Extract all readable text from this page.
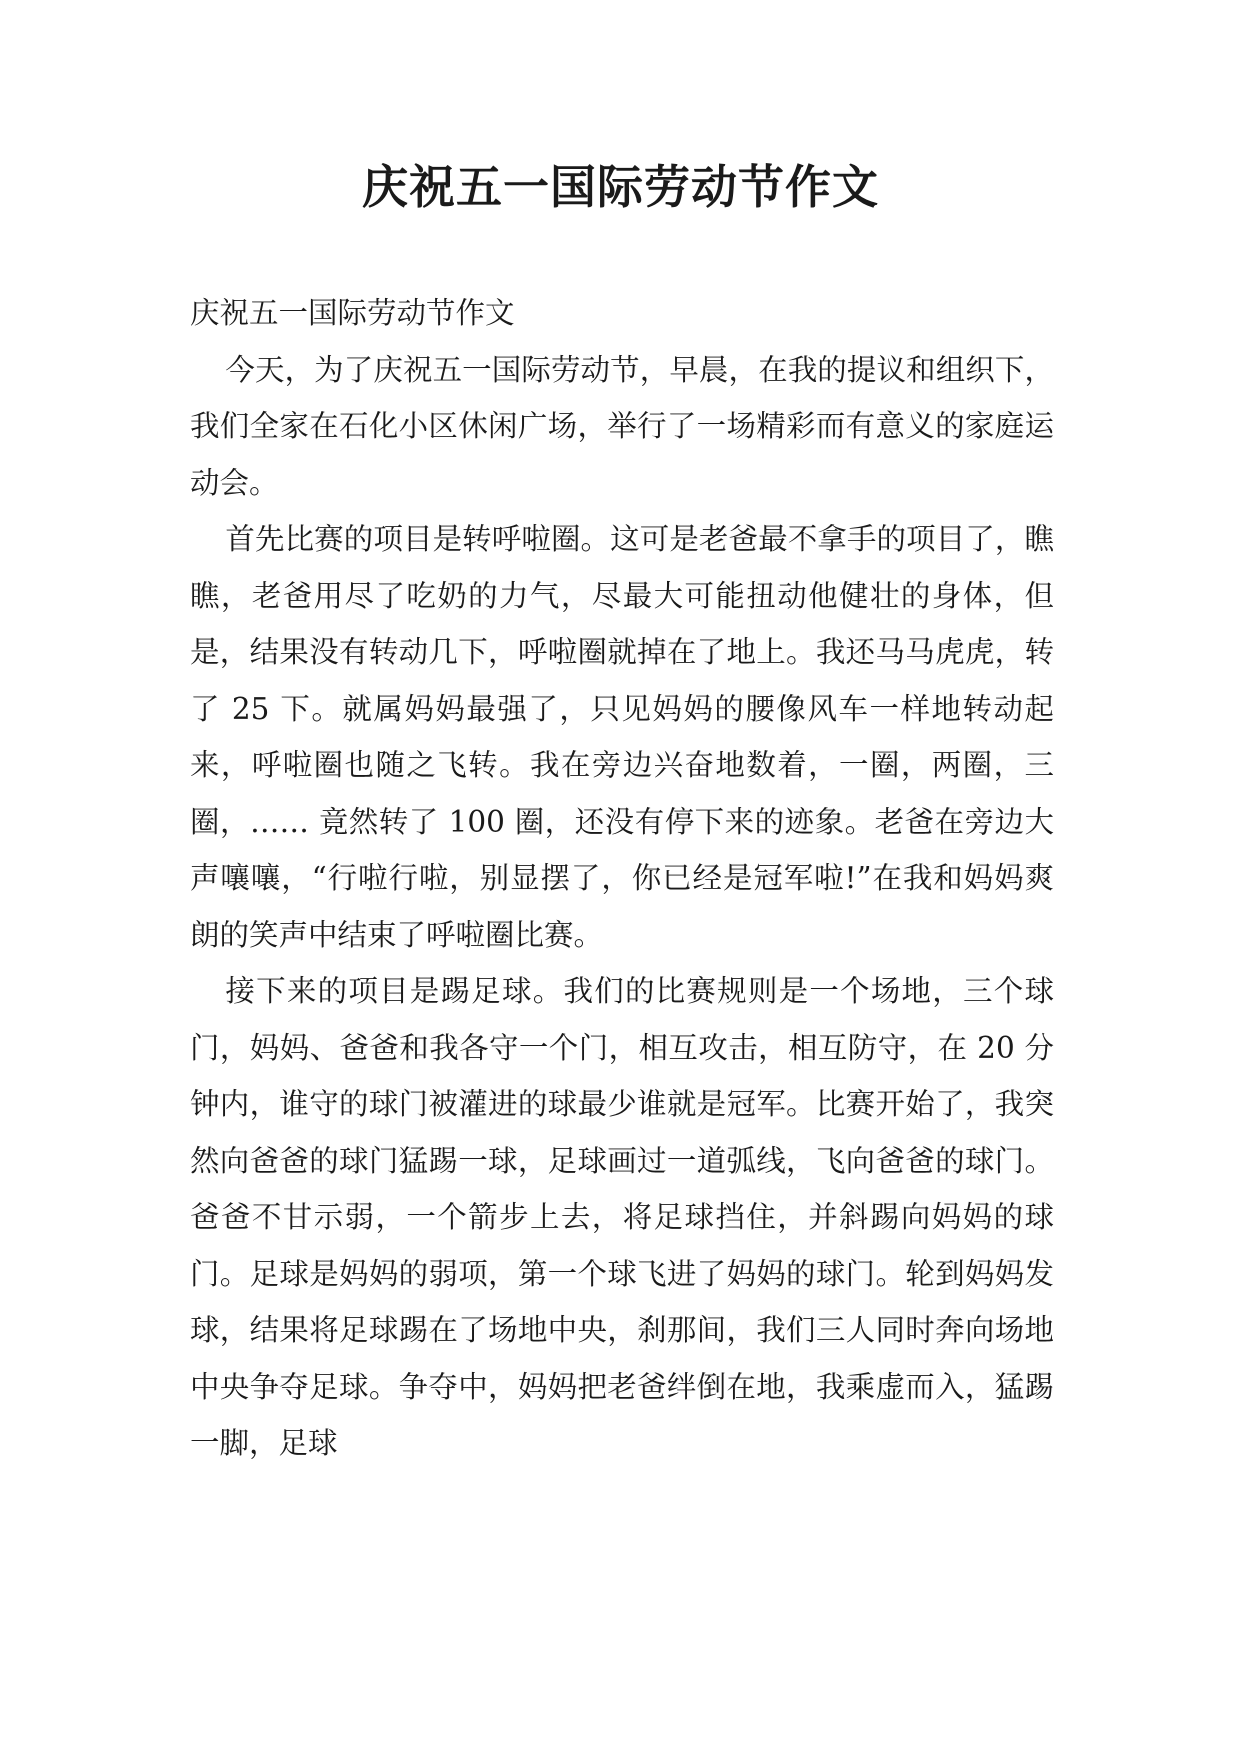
庆祝五一国际劳动节作文

庆祝五一国际劳动节作文

今天，为了庆祝五一国际劳动节，早晨，在我的提议和组织下，我们全家在石化小区休闲广场，举行了一场精彩而有意义的家庭运动会。

首先比赛的项目是转呼啦圈。这可是老爸最不拿手的项目了，瞧瞧，老爸用尽了吃奶的力气，尽最大可能扭动他健壮的身体，但是，结果没有转动几下，呼啦圈就掉在了地上。我还马马虎虎，转了 25 下。就属妈妈最强了，只见妈妈的腰像风车一样地转动起来，呼啦圈也随之飞转。我在旁边兴奋地数着，一圈，两圈，三圈，…… 竟然转了 100 圈，还没有停下来的迹象。老爸在旁边大声嚷嚷，“行啦行啦，别显摆了，你已经是冠军啦!”在我和妈妈爽朗的笑声中结束了呼啦圈比赛。

接下来的项目是踢足球。我们的比赛规则是一个场地，三个球门，妈妈、爸爸和我各守一个门，相互攻击，相互防守，在 20 分钟内，谁守的球门被灌进的球最少谁就是冠军。比赛开始了，我突然向爸爸的球门猛踢一球，足球画过一道弧线，飞向爸爸的球门。爸爸不甘示弱，一个箭步上去，将足球挡住，并斜踢向妈妈的球门。足球是妈妈的弱项，第一个球飞进了妈妈的球门。轮到妈妈发球，结果将足球踢在了场地中央，刹那间，我们三人同时奔向场地中央争夺足球。争夺中，妈妈把老爸绊倒在地，我乘虚而入，猛踢一脚，足球
